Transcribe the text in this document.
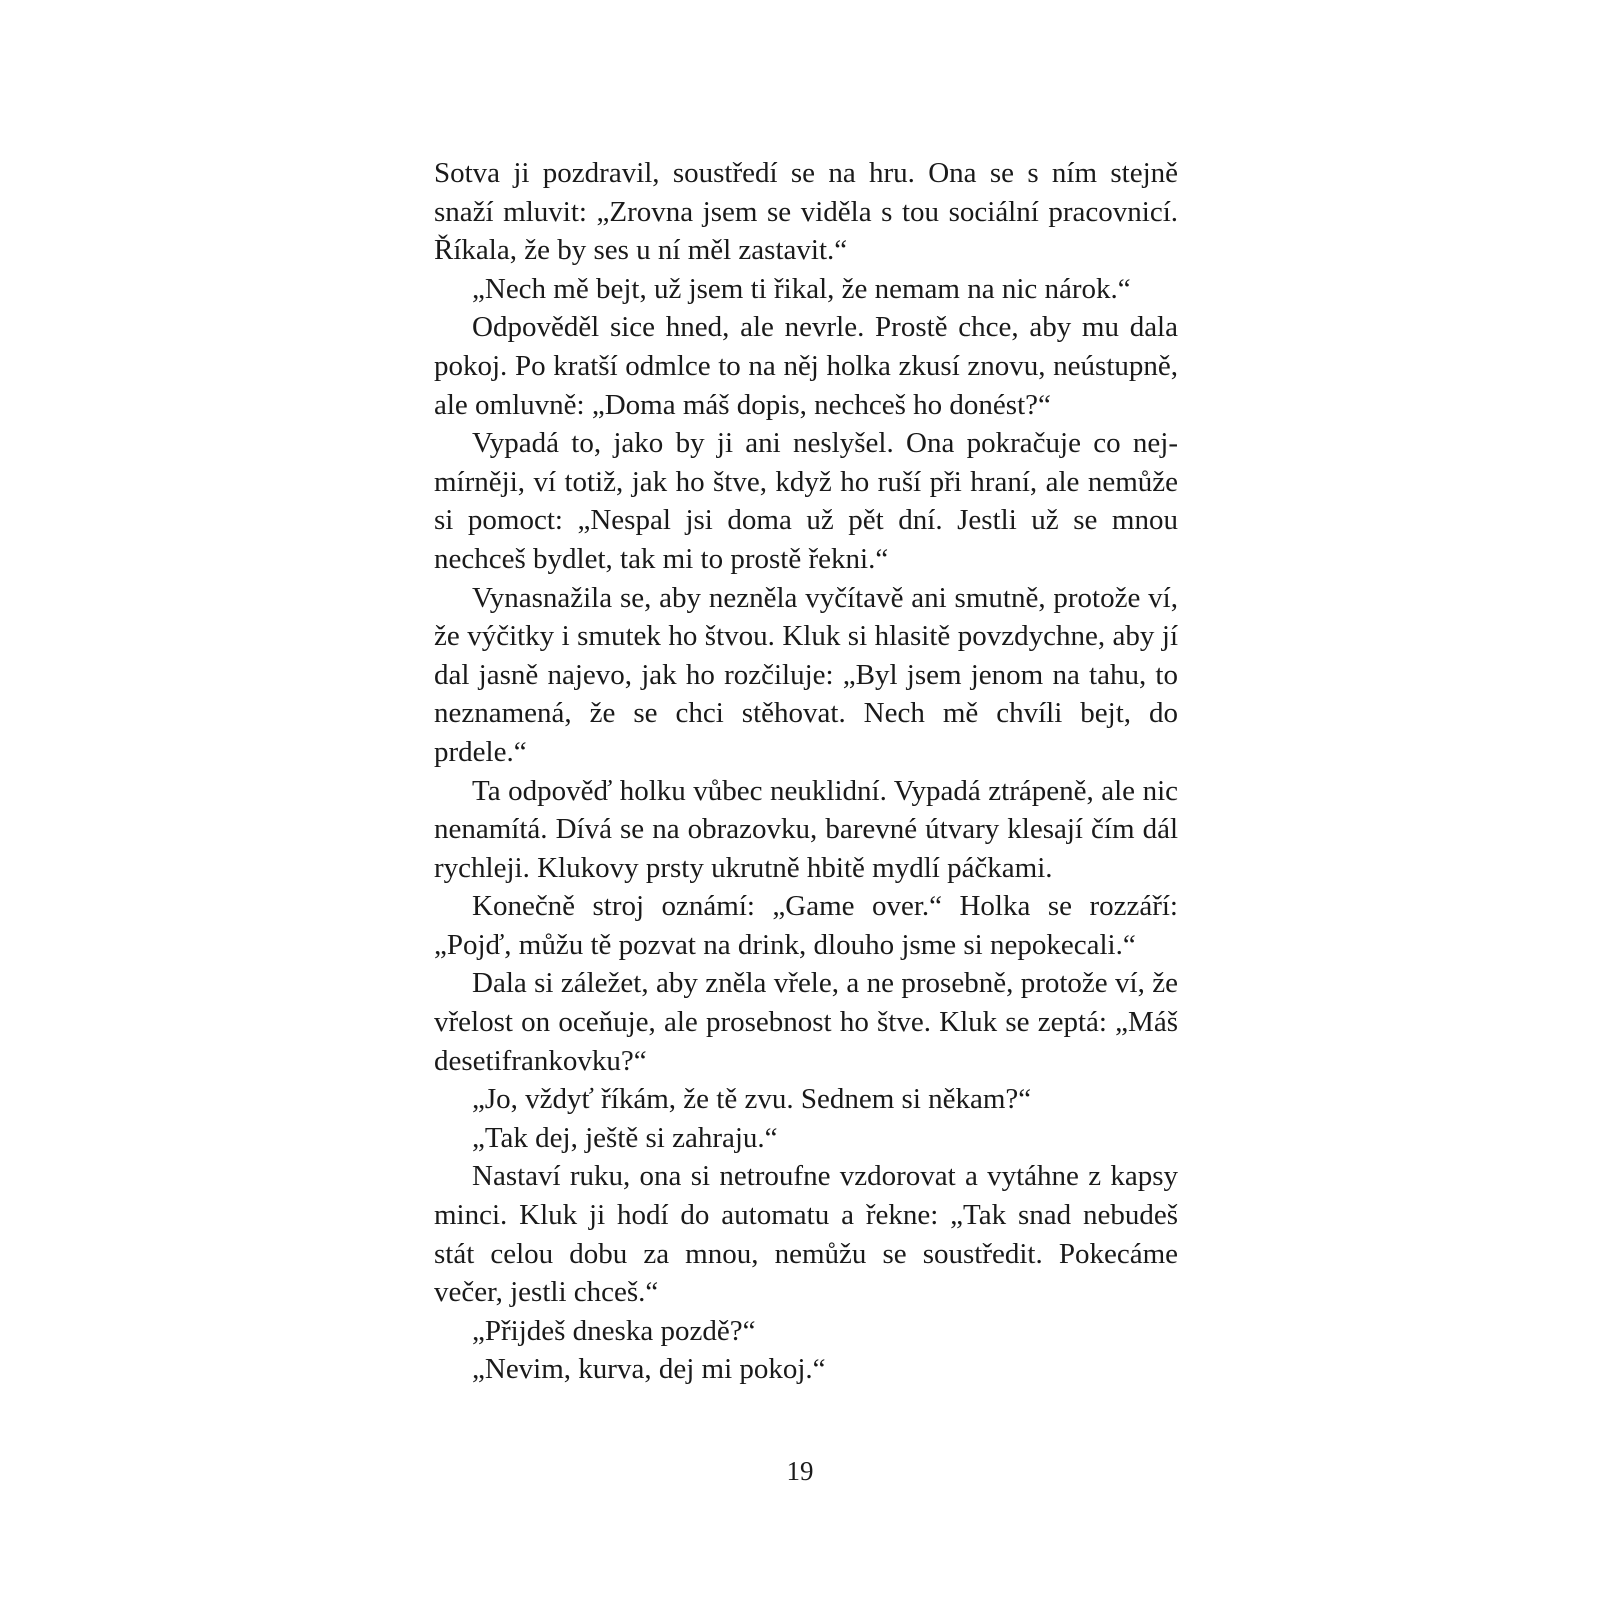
Sotva ji pozdravil, soustředí se na hru. Ona se s ním stejně snaží mluvit: „Zrovna jsem se viděla s tou sociální pracovnicí. Říkala, že by ses u ní měl zastavit.“

„Nech mě bejt, už jsem ti řikal, že nemam na nic nárok.“

Odpověděl sice hned, ale nevrle. Prostě chce, aby mu dala pokoj. Po kratší odmlce to na něj holka zkusí znovu, neústupně, ale omluvně: „Doma máš dopis, nechceš ho donést?“

Vypadá to, jako by ji ani neslyšel. Ona pokračuje co nejmírněji, ví totiž, jak ho štve, když ho ruší při hraní, ale nemůže si pomoct: „Nespal jsi doma už pět dní. Jestli už se mnou nechceš bydlet, tak mi to prostě řekni.“

Vynasnažila se, aby nezněla vyčítavě ani smutně, protože ví, že výčitky i smutek ho štvou. Kluk si hlasitě povzdychne, aby jí dal jasně najevo, jak ho rozčiluje: „Byl jsem jenom na tahu, to neznamená, že se chci stěhovat. Nech mě chvíli bejt, do prdele.“

Ta odpověď holku vůbec neuklidní. Vypadá ztrápeně, ale nic nenamítá. Dívá se na obrazovku, barevné útvary klesají čím dál rychleji. Klukovy prsty ukrutně hbitě mydlí páčkami.

Konečně stroj oznámí: „Game over.“ Holka se rozzáří: „Pojď, můžu tě pozvat na drink, dlouho jsme si nepokecali.“

Dala si záležet, aby zněla vřele, a ne prosebně, protože ví, že vřelost on oceňuje, ale prosebnost ho štve. Kluk se zeptá: „Máš desetifrankovku?“

„Jo, vždyť říkám, že tě zvu. Sednem si někam?“

„Tak dej, ještě si zahraju.“

Nastaví ruku, ona si netroufne vzdorovat a vytáhne z kapsy minci. Kluk ji hodí do automatu a řekne: „Tak snad nebudeš stát celou dobu za mnou, nemůžu se soustředit. Pokecáme večer, jestli chceš.“

„Přijdeš dneska pozdě?“

„Nevim, kurva, dej mi pokoj.“

19
